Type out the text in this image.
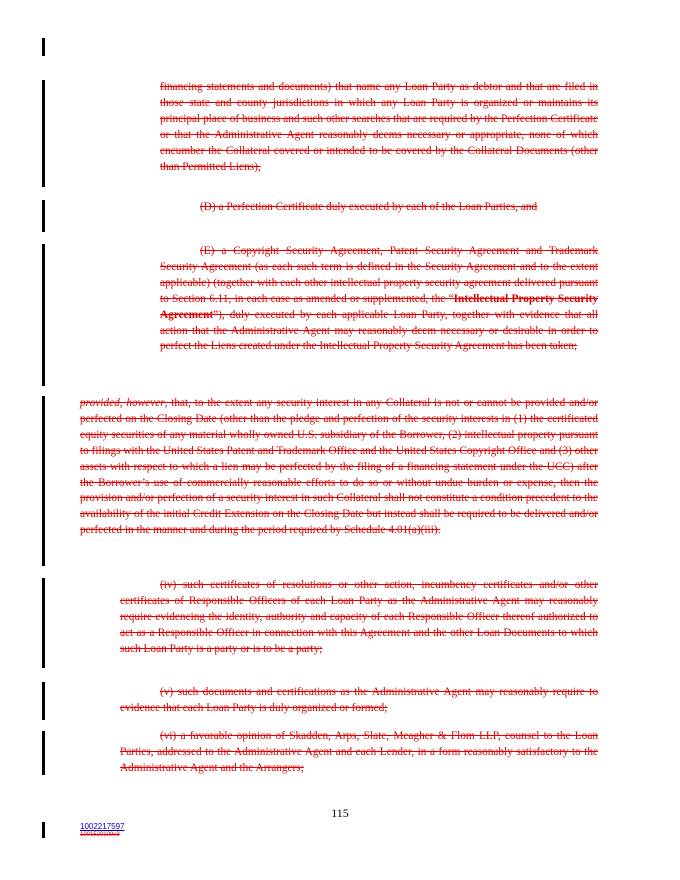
financing statements and documents) that name any Loan Party as debtor and that are filed in those state and county jurisdictions in which any Loan Party is organized or maintains its principal place of business and such other searches that are required by the Perfection Certificate or that the Administrative Agent reasonably deems necessary or appropriate, none of which encumber the Collateral covered or intended to be covered by the Collateral Documents (other than Permitted Liens),
(D) a Perfection Certificate duly executed by each of the Loan Parties, and
(E) a Copyright Security Agreement, Patent Security Agreement and Trademark Security Agreement (as each such term is defined in the Security Agreement and to the extent applicable) (together with each other intellectual property security agreement delivered pursuant to Section 6.11, in each case as amended or supplemented, the “Intellectual Property Security Agreement”), duly executed by each applicable Loan Party, together with evidence that all action that the Administrative Agent may reasonably deem necessary or desirable in order to perfect the Liens created under the Intellectual Property Security Agreement has been taken;
provided, however, that, to the extent any security interest in any Collateral is not or cannot be provided and/or perfected on the Closing Date (other than the pledge and perfection of the security interests in (1) the certificated equity securities of any material wholly owned U.S. subsidiary of the Borrower, (2) intellectual property pursuant to filings with the United States Patent and Trademark Office and the United States Copyright Office and (3) other assets with respect to which a lien may be perfected by the filing of a financing statement under the UCC) after the Borrower’s use of commercially reasonable efforts to do so or without undue burden or expense, then the provision and/or perfection of a security interest in such Collateral shall not constitute a condition precedent to the availability of the initial Credit Extension on the Closing Date but instead shall be required to be delivered and/or perfected in the manner and during the period required by Schedule 4.01(a)(iii).
(iv) such certificates of resolutions or other action, incumbency certificates and/or other certificates of Responsible Officers of each Loan Party as the Administrative Agent may reasonably require evidencing the identity, authority and capacity of each Responsible Officer thereof authorized to act as a Responsible Officer in connection with this Agreement and the other Loan Documents to which such Loan Party is a party or is to be a party;
(v) such documents and certifications as the Administrative Agent may reasonably require to evidence that each Loan Party is duly organized or formed;
(vi) a favorable opinion of Skadden, Arps, Slate, Meagher & Flom LLP, counsel to the Loan Parties, addressed to the Administrative Agent and each Lender, in a form reasonably satisfactory to the Administrative Agent and the Arrangers;
115
1002217597
1001520109v3
